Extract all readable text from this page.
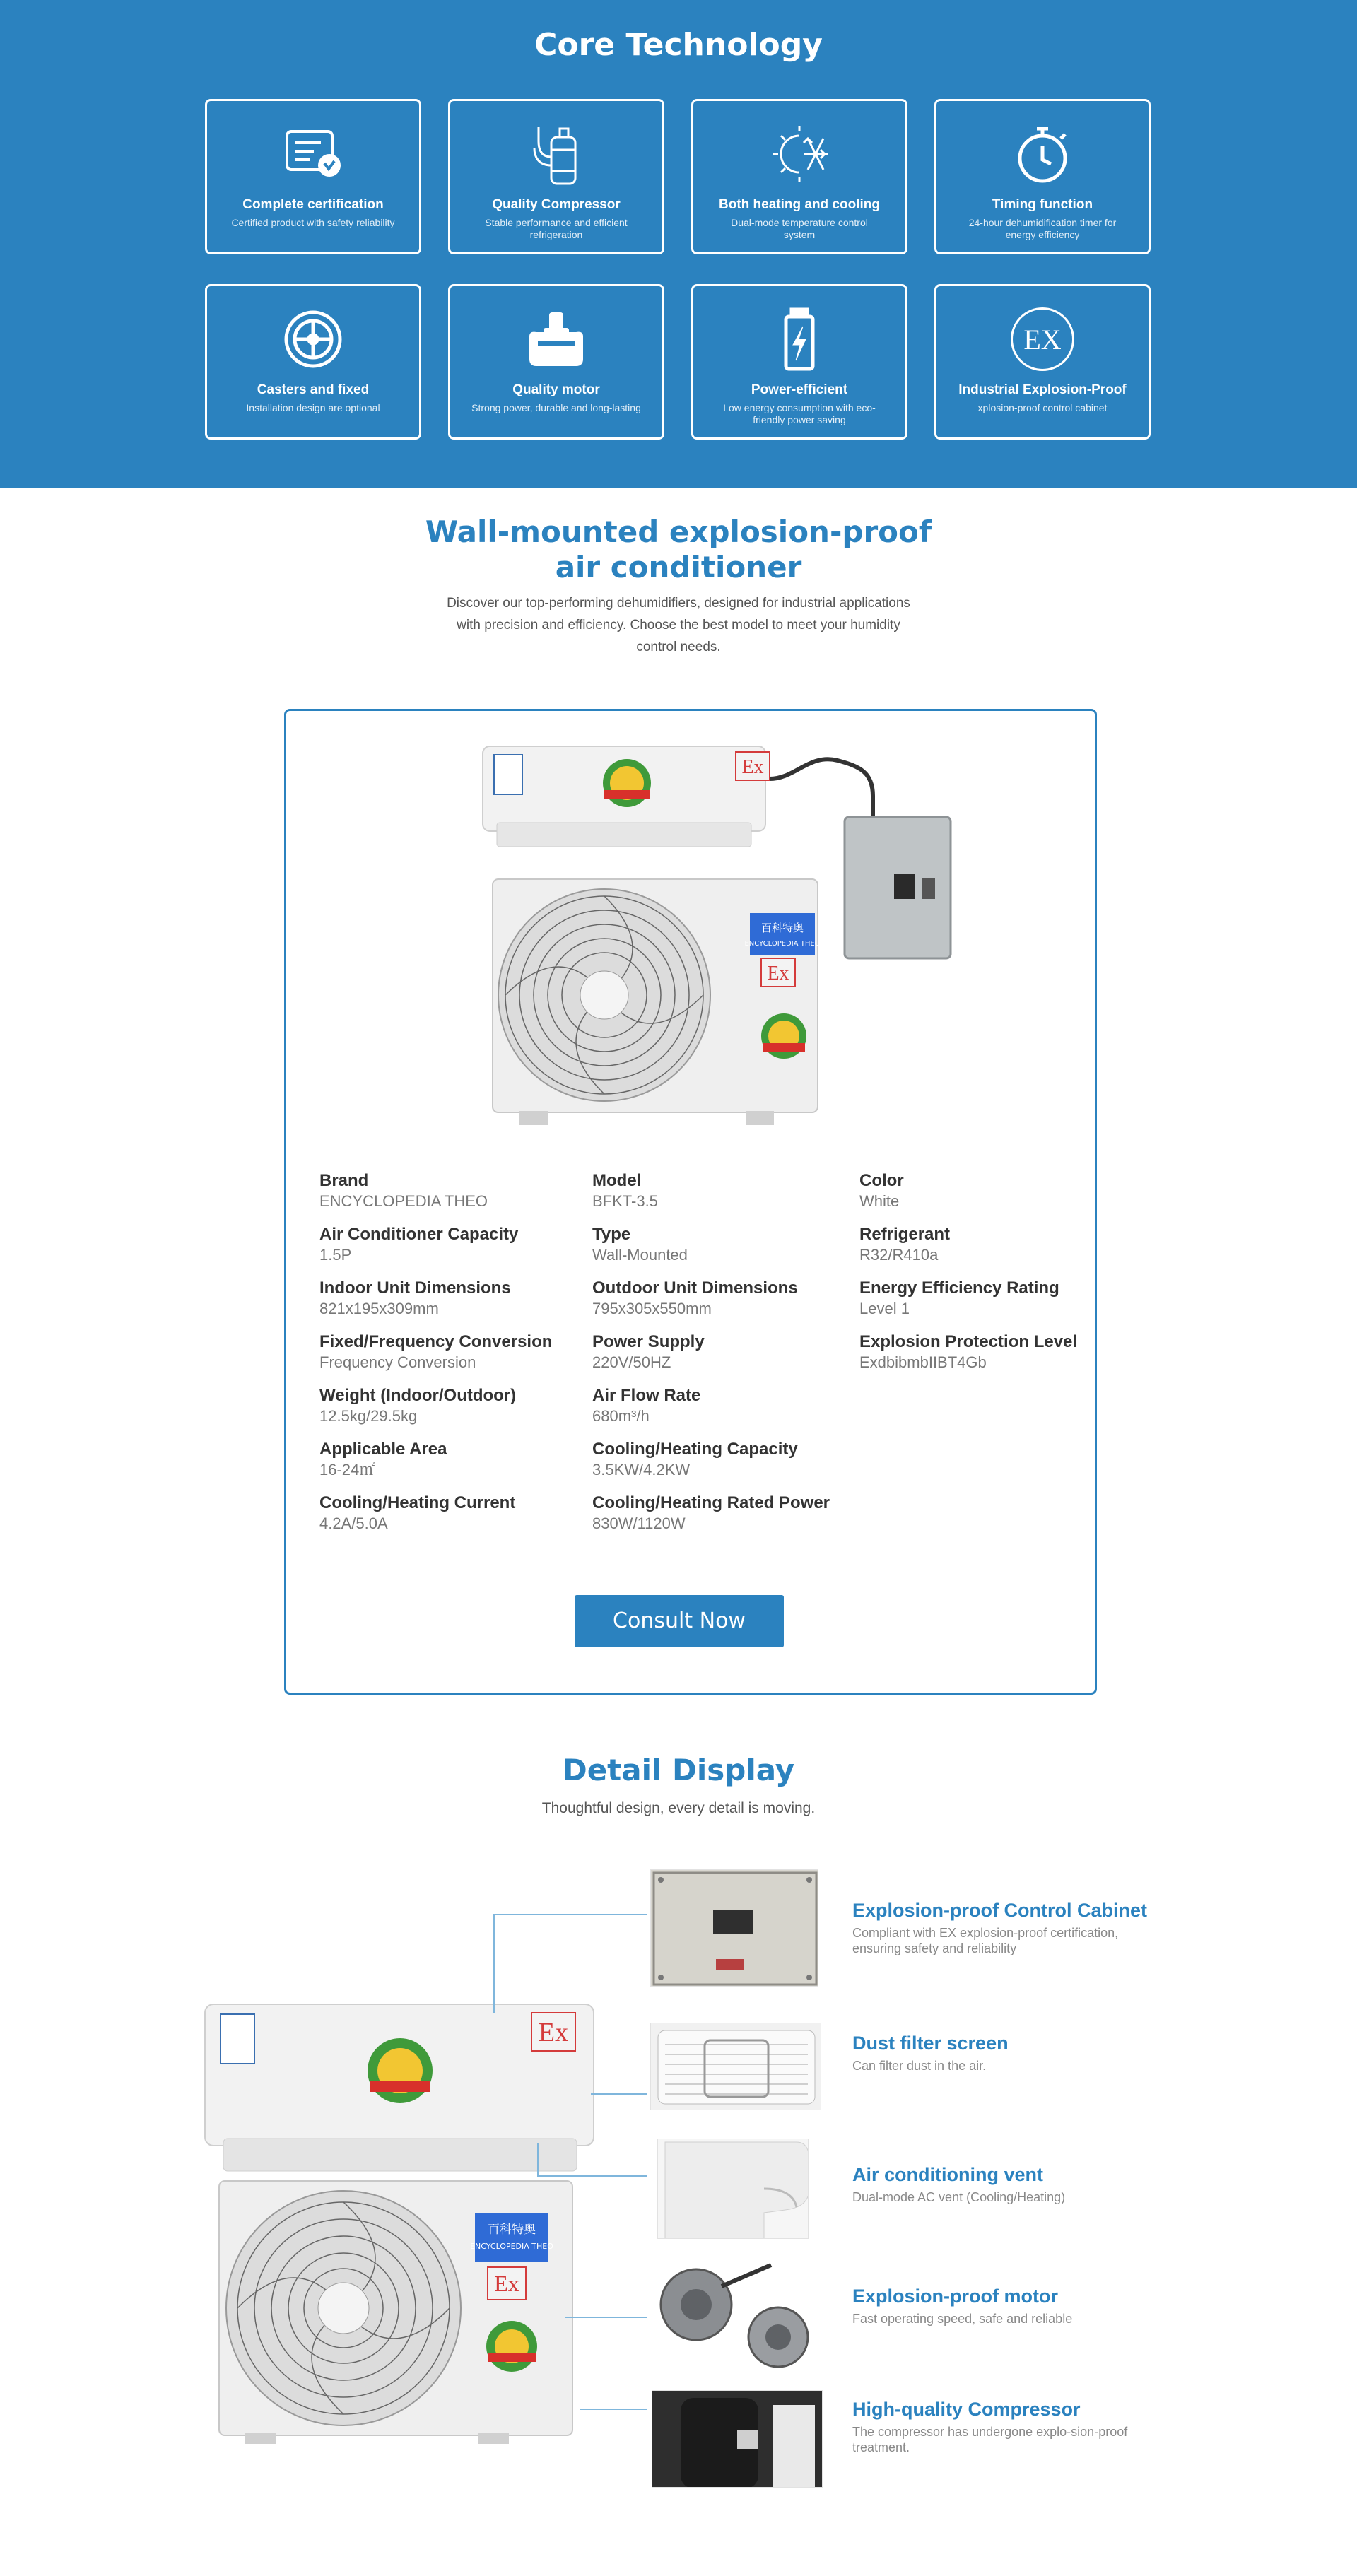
Core Technology
Complete certification
Certified product with safety reliability
Quality Compressor
Stable performance and efficient refrigeration
Both heating and cooling
Dual-mode temperature control system
Timing function
24-hour dehumidification timer for energy efficiency
Casters and fixed
Installation design are optional
Quality motor
Strong power, durable and long-lasting
Power-efficient
Low energy consumption with eco-friendly power saving
EX
Industrial Explosion-Proof
xplosion-proof control cabinet
Wall-mounted explosion-proof
air conditioner

Discover our top-performing dehumidifiers, designed for industrial applications with precision and efficiency. Choose the best model to meet your humidity control needs.

Ex
百科特奥
ENCYCLOPEDIA THEO
Ex
Brand
ENCYCLOPEDIA THEO
Air Conditioner Capacity
1.5P
Indoor Unit Dimensions
821x195x309mm
Fixed/Frequency Conversion
Frequency Conversion
Weight (Indoor/Outdoor)
12.5kg/29.5kg
Applicable Area
16-24㎡
Cooling/Heating Current
4.2A/5.0A
Model
BFKT-3.5
Type
Wall-Mounted
Outdoor Unit Dimensions
795x305x550mm
Power Supply
220V/50HZ
Air Flow Rate
680m³/h
Cooling/Heating Capacity
3.5KW/4.2KW
Cooling/Heating Rated Power
830W/1120W
Color
White
Refrigerant
R32/R410a
Energy Efficiency Rating
Level 1
Explosion Protection Level
ExdbibmbIIBT4Gb
Consult Now
Detail Display

Thoughtful design, every detail is moving.

Ex
百科特奥
ENCYCLOPEDIA THEO
Ex
Explosion-proof Control Cabinet
Compliant with EX explosion-proof certification, ensuring safety and reliability
Dust filter screen
Can filter dust in the air.
Air conditioning vent
Dual-mode AC vent (Cooling/Heating)
Explosion-proof motor
Fast operating speed, safe and reliable
High-quality Compressor
The compressor has undergone explo-sion-proof treatment.
